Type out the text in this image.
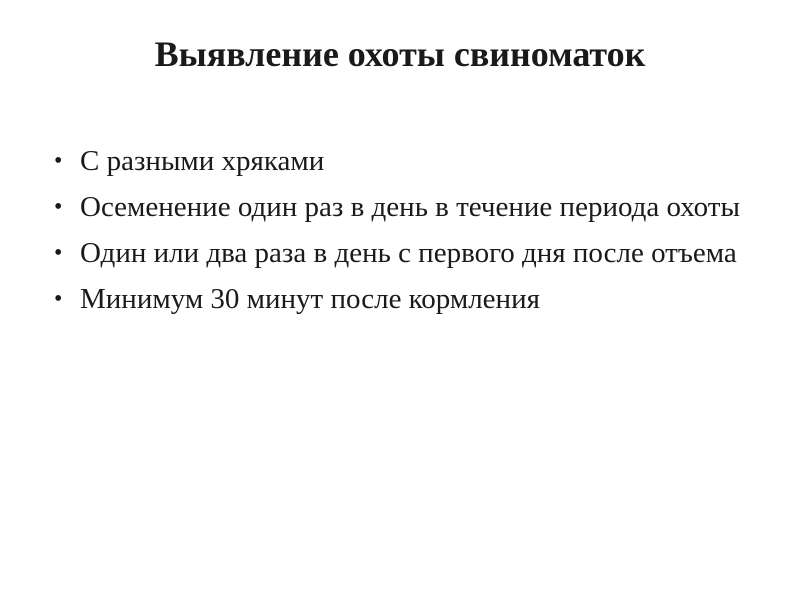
Выявление охоты свиноматок
• С разными хряками
• Осеменение один раз в день в течение периода охоты
• Один или два раза в день с первого дня после отъема
• Минимум 30 минут после кормления
